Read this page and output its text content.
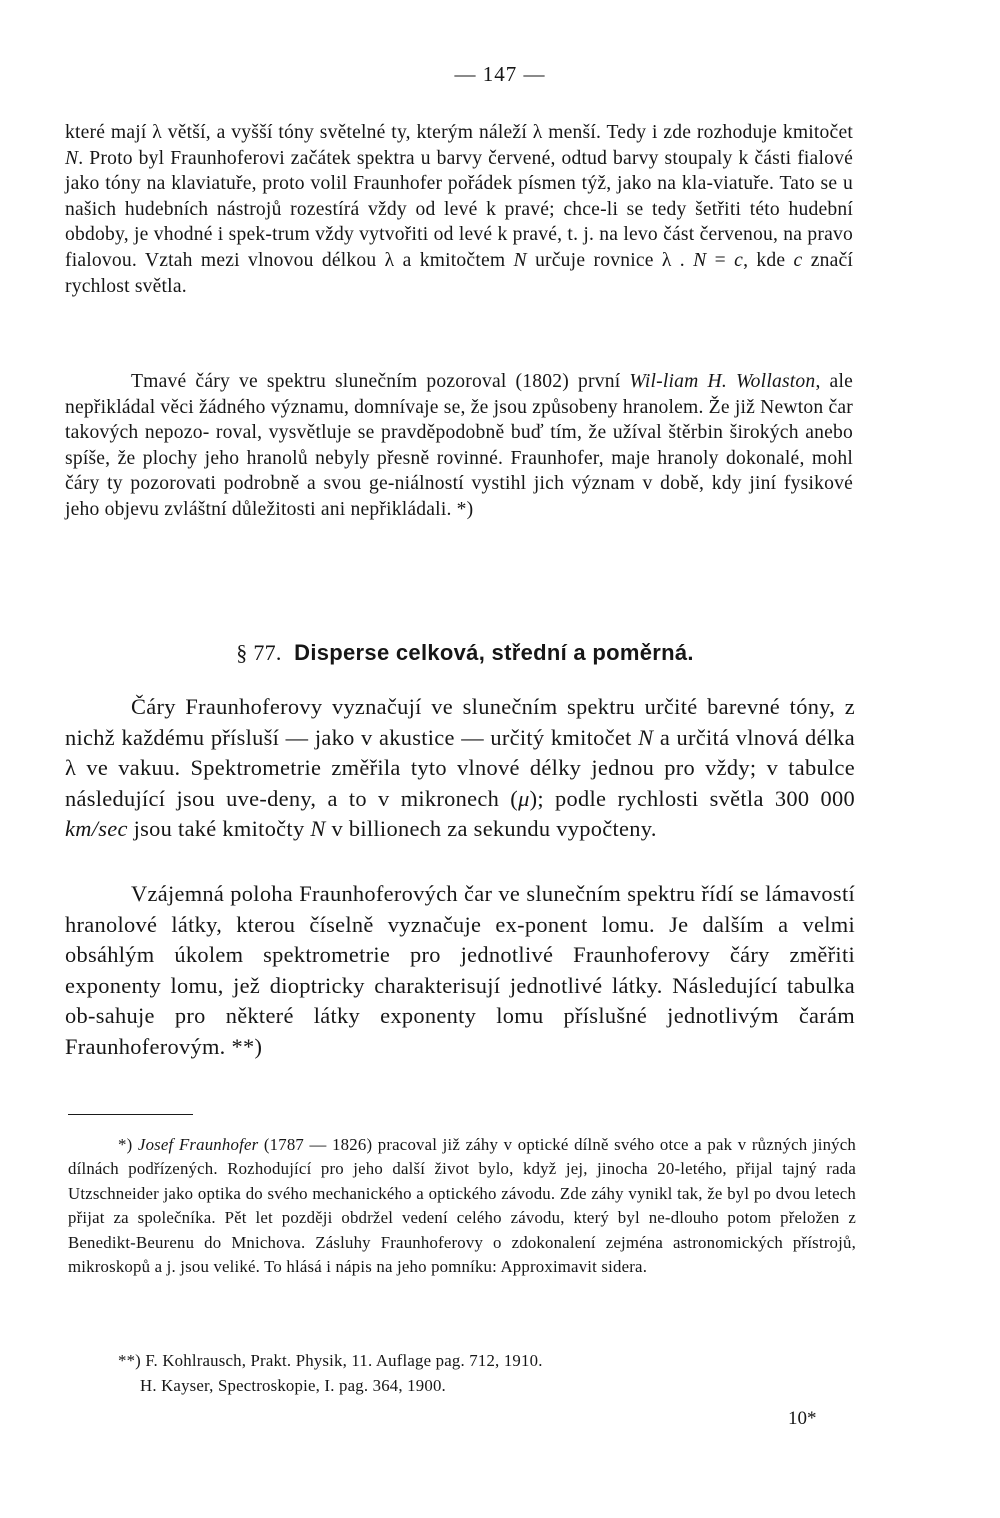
— 147 —

které mají λ větší, a vyšší tóny světelné ty, kterým náleží λ menší. Tedy i zde rozhoduje kmitočet N. Proto byl Fraunhoferovi začátek spektra u barvy červené, odtud barvy stoupaly k části fialové jako tóny na klaviatuře, proto volil Fraunhofer pořádek písmen týž, jako na kla-viatuře. Tato se u našich hudebních nástrojů rozestírá vždy od levé k pravé; chce-li se tedy šetřiti této hudební obdoby, je vhodné i spek-trum vždy vytvořiti od levé k pravé, t. j. na levo část červenou, na pravo fialovou. Vztah mezi vlnovou délkou λ a kmitočtem N určuje rovnice λ . N = c, kde c značí rychlost světla.

Tmavé čáry ve spektru slunečním pozoroval (1802) první Wil-liam H. Wollaston, ale nepřikládal věci žádného významu, domnívaje se, že jsou způsobeny hranolem. Že již Newton čar takových nepozo- roval, vysvětluje se pravděpodobně buď tím, že užíval štěrbin širokých anebo spíše, že plochy jeho hranolů nebyly přesně rovinné. Fraunhofer, maje hranoly dokonalé, mohl čáry ty pozorovati podrobně a svou ge-niálností vystihl jich význam v době, kdy jiní fysikové jeho objevu zvláštní důležitosti ani nepřikládali. *)

§ 77. Disperse celková, střední a poměrná.

Čáry Fraunhoferovy vyznačují ve slunečním spektru určité barevné tóny, z nichž každému přísluší — jako v akustice — určitý kmitočet N a určitá vlnová délka λ ve vakuu. Spektrometrie změřila tyto vlnové délky jednou pro vždy; v tabulce následující jsou uve-deny, a to v mikronech (μ); podle rychlosti světla 300 000 km/sec jsou také kmitočty N v billionech za sekundu vypočteny.

Vzájemná poloha Fraunhoferových čar ve slunečním spektru řídí se lámavostí hranolové látky, kterou číselně vyznačuje ex-ponent lomu. Je dalším a velmi obsáhlým úkolem spektrometrie pro jednotlivé Fraunhoferovy čáry změřiti exponenty lomu, jež dioptricky charakterisují jednotlivé látky. Následující tabulka ob-sahuje pro některé látky exponenty lomu příslušné jednotlivým čarám Fraunhoferovým. **)

*) Josef Fraunhofer (1787 — 1826) pracoval již záhy v optické dílně svého otce a pak v různých jiných dílnách podřízených. Rozhodující pro jeho další život bylo, když jej, jinocha 20-letého, přijal tajný rada Utzschneider jako optika do svého mechanického a optického závodu. Zde záhy vynikl tak, že byl po dvou letech přijat za společníka. Pět let později obdržel vedení celého závodu, který byl ne-dlouho potom přeložen z Benedikt-Beurenu do Mnichova. Zásluhy Fraunhoferovy o zdokonalení zejména astronomických přístrojů, mikroskopů a j. jsou veliké. To hlásá i nápis na jeho pomníku: Approximavit sidera.

**) F. Kohlrausch, Prakt. Physik, 11. Auflage pag. 712, 1910.

H. Kayser, Spectroskopie, I. pag. 364, 1900.

10*
